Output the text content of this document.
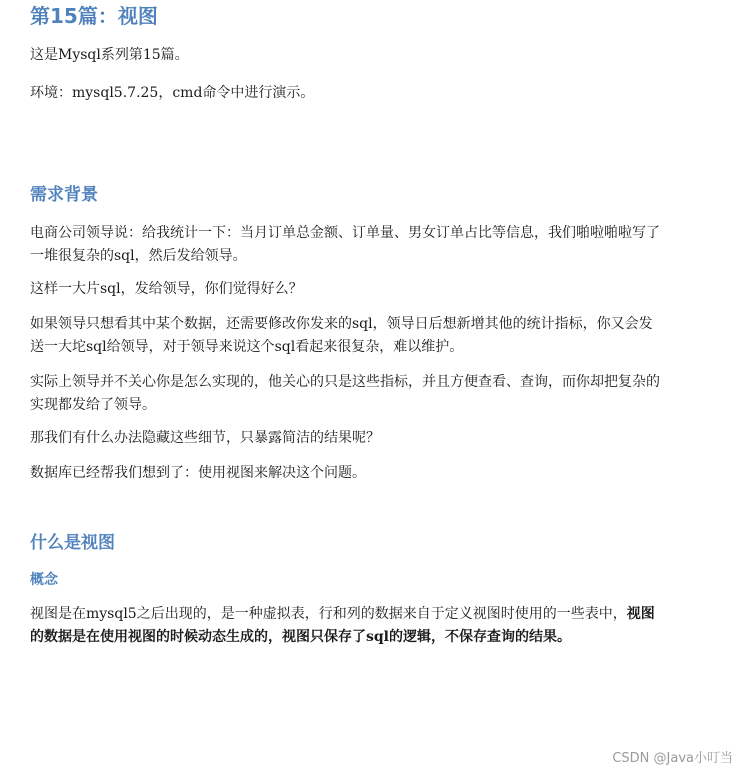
第15篇：视图

这是Mysql系列第15篇。

环境：mysql5.7.25，cmd命令中进行演示。

需求背景

电商公司领导说：给我统计一下：当月订单总金额、订单量、男女订单占比等信息，我们啪啦啪啦写了一堆很复杂的sql，然后发给领导。

这样一大片sql，发给领导，你们觉得好么？

如果领导只想看其中某个数据，还需要修改你发来的sql，领导日后想新增其他的统计指标，你又会发送一大坨sql给领导，对于领导来说这个sql看起来很复杂，难以维护。

实际上领导并不关心你是怎么实现的，他关心的只是这些指标，并且方便查看、查询，而你却把复杂的实现都发给了领导。

那我们有什么办法隐藏这些细节，只暴露简洁的结果呢？

数据库已经帮我们想到了：使用视图来解决这个问题。

什么是视图
概念

视图是在mysql5之后出现的，是一种虚拟表，行和列的数据来自于定义视图时使用的一些表中，视图的数据是在使用视图的时候动态生成的，视图只保存了sql的逻辑，不保存查询的结果。

CSDN @Java小叮当
